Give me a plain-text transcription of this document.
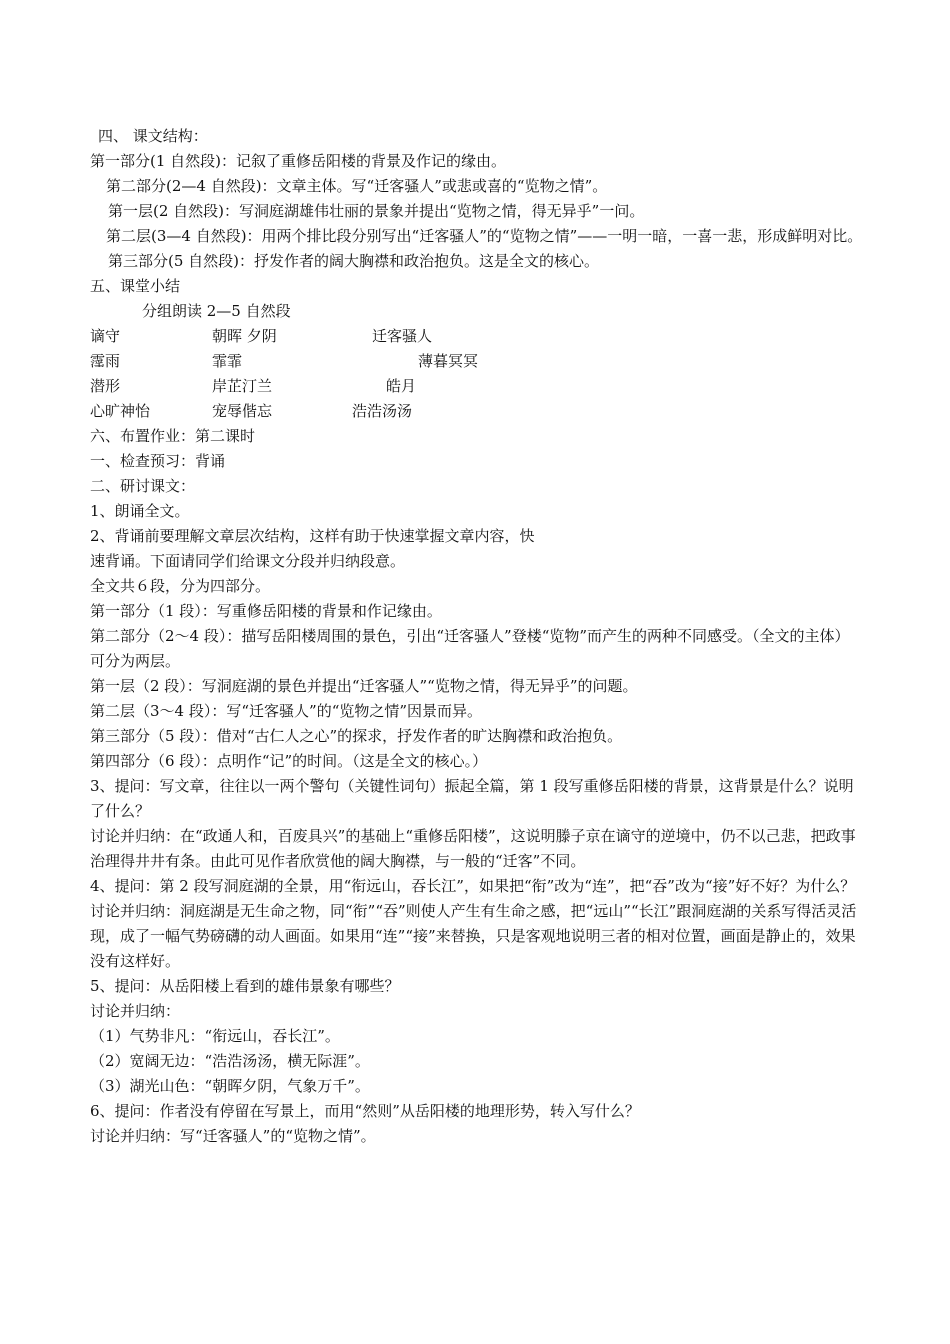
四、 课文结构：
第一部分(1 自然段)：记叙了重修岳阳楼的背景及作记的缘由。
第二部分(2—4 自然段)：文章主体。写“迁客骚人”或悲或喜的“览物之情”。
第一层(2 自然段)：写洞庭湖雄伟壮丽的景象并提出“览物之情，得无异乎”一问。
第二层(3—4 自然段)：用两个排比段分别写出“迁客骚人”的“览物之情”——一明一暗，一喜一悲，形成鲜明对比。
第三部分(5 自然段)：抒发作者的阔大胸襟和政治抱负。这是全文的核心。
五、课堂小结
分组朗读 2—5 自然段
谪守	朝晖 夕阴	迁客骚人
霪雨	霏霏	薄暮冥冥
潜形	岸芷汀兰	皓月
心旷神怡	宠辱偕忘	浩浩汤汤
六、布置作业：第二课时
一、检查预习：背诵
二、研讨课文：
1、朗诵全文。
2、背诵前要理解文章层次结构，这样有助于快速掌握文章内容，快
速背诵。下面请同学们给课文分段并归纳段意。
全文共６段，分为四部分。
第一部分（1 段）：写重修岳阳楼的背景和作记缘由。
第二部分（2～4 段）：描写岳阳楼周围的景色，引出“迁客骚人”登楼“览物”而产生的两种不同感受。（全文的主体）
可分为两层。
第一层（2 段）：写洞庭湖的景色并提出“迁客骚人”“览物之情，得无异乎”的问题。
第二层（3～4 段）：写“迁客骚人”的“览物之情”因景而异。
第三部分（5 段）：借对“古仁人之心”的探求，抒发作者的旷达胸襟和政治抱负。
第四部分（6 段）：点明作“记”的时间。（这是全文的核心。）
3、提问：写文章，往往以一两个警句（关键性词句）振起全篇，第 1 段写重修岳阳楼的背景，这背景是什么？说明了什么？
讨论并归纳：在“政通人和，百废具兴”的基础上“重修岳阳楼”，这说明滕子京在谪守的逆境中，仍不以己悲，把政事治理得井井有条。由此可见作者欣赏他的阔大胸襟，与一般的“迁客”不同。
4、提问：第 2 段写洞庭湖的全景，用“衔远山，吞长江”，如果把“衔”改为“连”，把“吞”改为“接”好不好？为什么？
讨论并归纳：洞庭湖是无生命之物，同“衔”“吞”则使人产生有生命之感，把“远山”“长江”跟洞庭湖的关系写得活灵活现，成了一幅气势磅礴的动人画面。如果用“连”“接”来替换，只是客观地说明三者的相对位置，画面是静止的，效果没有这样好。
5、提问：从岳阳楼上看到的雄伟景象有哪些？
讨论并归纳：
（1）气势非凡：“衔远山，吞长江”。
（2）宽阔无边：“浩浩汤汤，横无际涯”。
（3）湖光山色：“朝晖夕阴，气象万千”。
6、提问：作者没有停留在写景上，而用“然则”从岳阳楼的地理形势，转入写什么？
讨论并归纳：写“迁客骚人”的“览物之情”。
